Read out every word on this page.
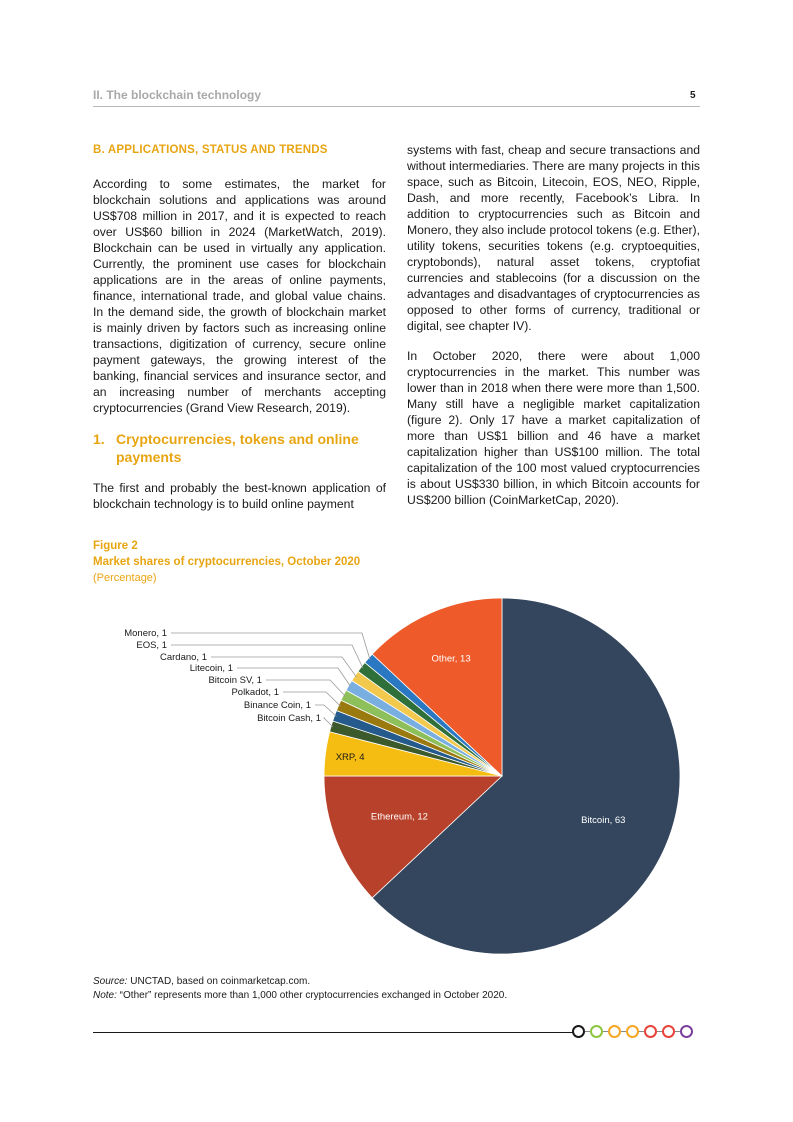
II. The blockchain technology	5
B. APPLICATIONS, STATUS AND TRENDS

According to some estimates, the market for blockchain solutions and applications was around US$708 million in 2017, and it is expected to reach over US$60 billion in 2024 (MarketWatch, 2019). Blockchain can be used in virtually any application. Currently, the prominent use cases for blockchain applications are in the areas of online payments, finance, international trade, and global value chains. In the demand side, the growth of blockchain market is mainly driven by factors such as increasing online transactions, digitization of currency, secure online payment gateways, the growing interest of the banking, financial services and insurance sector, and an increasing number of merchants accepting cryptocurrencies (Grand View Research, 2019).

1. Cryptocurrencies, tokens and online payments

The first and probably the best-known application of blockchain technology is to build online payment

systems with fast, cheap and secure transactions and without intermediaries. There are many projects in this space, such as Bitcoin, Litecoin, EOS, NEO, Ripple, Dash, and more recently, Facebook’s Libra. In addition to cryptocurrencies such as Bitcoin and Monero, they also include protocol tokens (e.g. Ether), utility tokens, securities tokens (e.g. cryptoequities, cryptobonds), natural asset tokens, cryptofiat currencies and stablecoins (for a discussion on the advantages and disadvantages of cryptocurrencies as opposed to other forms of currency, traditional or digital, see chapter IV).

In October 2020, there were about 1,000 cryptocurrencies in the market. This number was lower than in 2018 when there were more than 1,500. Many still have a negligible market capitalization (figure 2). Only 17 have a market capitalization of more than US$1 billion and 46 have a market capitalization higher than US$100 million. The total capitalization of the 100 most valued cryptocurrencies is about US$330 billion, in which Bitcoin accounts for US$200 billion (CoinMarketCap, 2020).

Figure 2
Market shares of cryptocurrencies, October 2020
(Percentage)
Bitcoin, 63
Ethereum, 12
XRP, 4
Bitcoin Cash, 1
Binance Coin, 1
Polkadot, 1
Bitcoin SV, 1
Litecoin, 1
Cardano, 1
EOS, 1
Monero, 1
Other, 13
Source: UNCTAD, based on coinmarketcap.com.
Note: “Other” represents more than 1,000 other cryptocurrencies exchanged in October 2020.
